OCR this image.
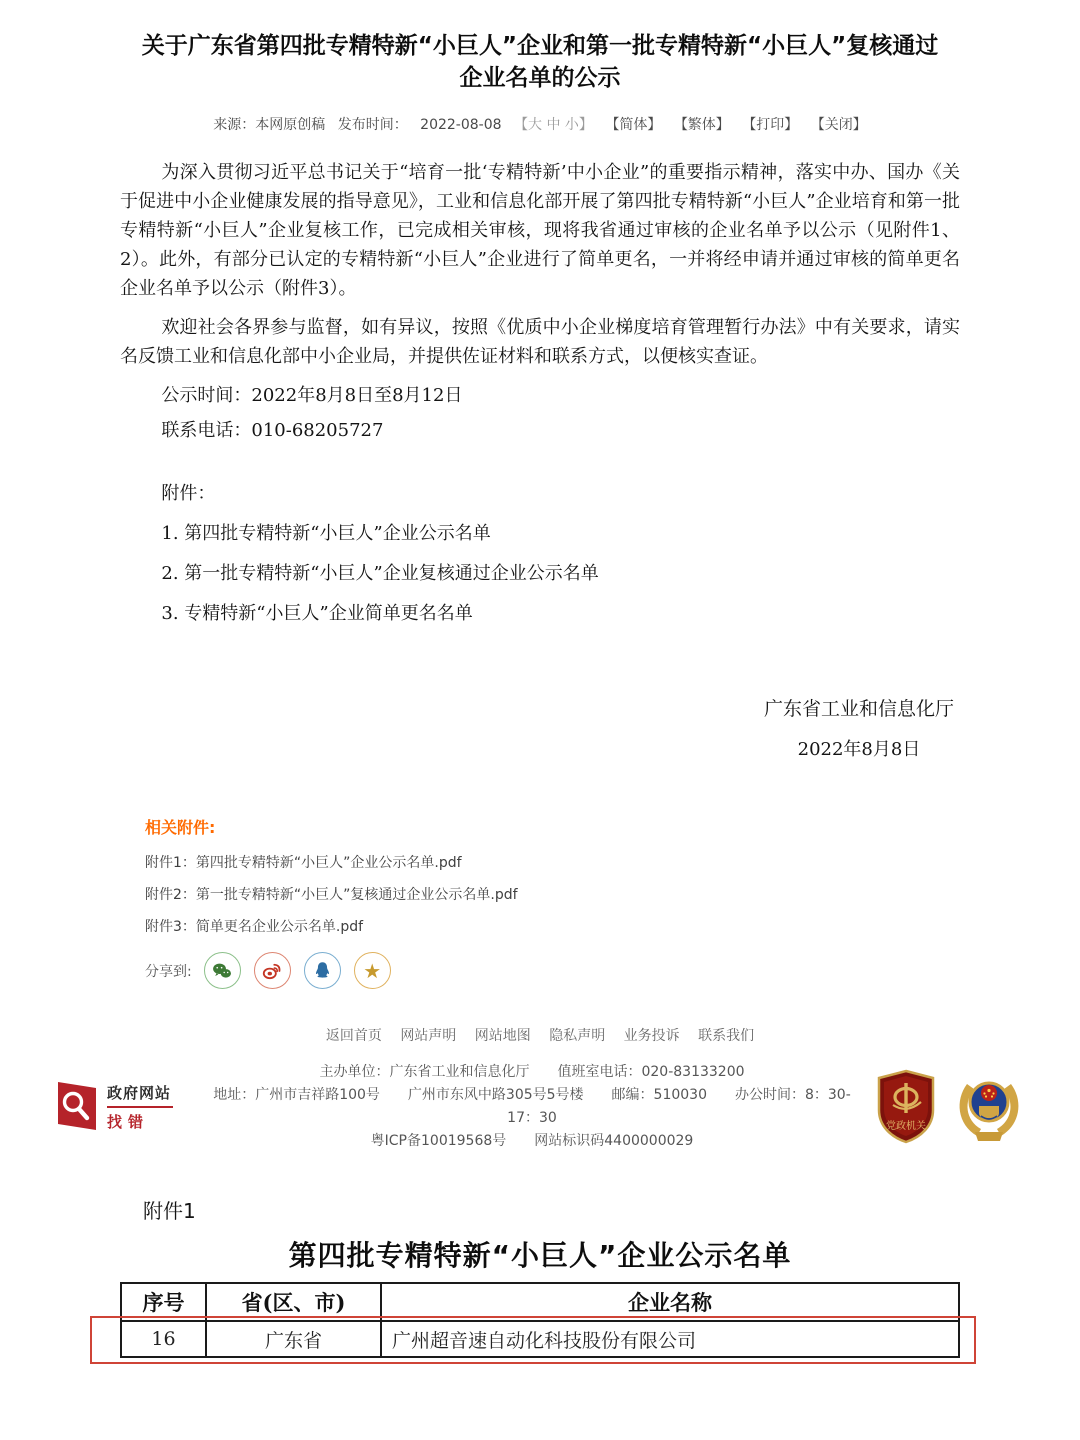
关于广东省第四批专精特新“小巨人”企业和第一批专精特新“小巨人”复核通过企业名单的公示
来源：本网原创稿 发布时间： 2022-08-08 【大 中 小】 【简体】 【繁体】 【打印】 【关闭】

为深入贯彻习近平总书记关于“培育一批‘专精特新’中小企业”的重要指示精神，落实中办、国办《关于促进中小企业健康发展的指导意见》，工业和信息化部开展了第四批专精特新“小巨人”企业培育和第一批专精特新“小巨人”企业复核工作，已完成相关审核，现将我省通过审核的企业名单予以公示（见附件1、2）。此外，有部分已认定的专精特新“小巨人”企业进行了简单更名，一并将经申请并通过审核的简单更名企业名单予以公示（附件3）。

欢迎社会各界参与监督，如有异议，按照《优质中小企业梯度培育管理暂行办法》中有关要求，请实名反馈工业和信息化部中小企业局，并提供佐证材料和联系方式，以便核实查证。

公示时间：2022年8月8日至8月12日

联系电话：010-68205727

附件：

1. 第四批专精特新“小巨人”企业公示名单

2. 第一批专精特新“小巨人”企业复核通过企业公示名单

3. 专精特新“小巨人”企业简单更名名单

广东省工业和信息化厅
2022年8月8日
相关附件:
附件1：第四批专精特新“小巨人”企业公示名单.pdf
附件2：第一批专精特新“小巨人”复核通过企业公示名单.pdf
附件3：简单更名企业公示名单.pdf
分享到:	★
返回首页 网站声明 网站地图 隐私声明 业务投诉 联系我们
政府网站
找错
主办单位：广东省工业和信息化厅　　值班室电话：020-83133200
地址：广州市吉祥路100号　　广州市东风中路305号5号楼　　邮编：510030　　办公时间：8：30-17：30
粤ICP备10019568号　　网站标识码4400000029
党政机关
附件1
第四批专精特新“小巨人”企业公示名单
序号	省(区、市)	企业名称
16	广东省	广州超音速自动化科技股份有限公司
